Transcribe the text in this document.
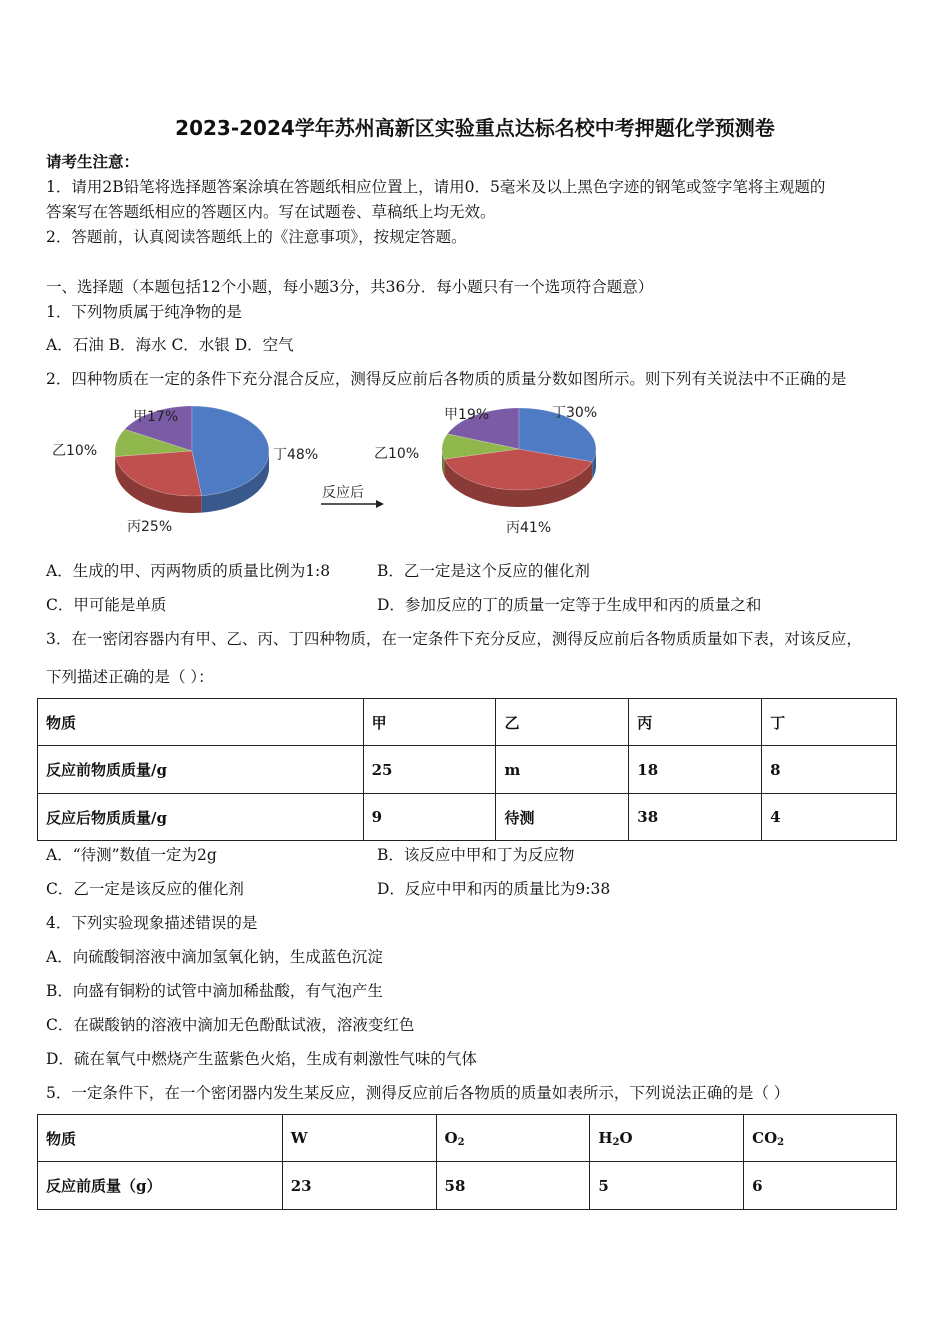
2023-2024学年苏州高新区实验重点达标名校中考押题化学预测卷
请考生注意：
1．请用2B铅笔将选择题答案涂填在答题纸相应位置上，请用0．5毫米及以上黑色字迹的钢笔或签字笔将主观题的
答案写在答题纸相应的答题区内。写在试题卷、草稿纸上均无效。
2．答题前，认真阅读答题纸上的《注意事项》，按规定答题。
一、选择题（本题包括12个小题，每小题3分，共36分．每小题只有一个选项符合题意）
1．下列物质属于纯净物的是
A．石油 B．海水 C．水银 D．空气
2．四种物质在一定的条件下充分混合反应，测得反应前后各物质的质量分数如图所示。则下列有关说法中不正确的是
甲17%
乙10%
丙25%
丁48%
反应后
甲19%
乙10%
丙41%
丁30%
A．生成的甲、丙两物质的质量比例为1:8	B．乙一定是这个反应的催化剂
C．甲可能是单质	D．参加反应的丁的质量一定等于生成甲和丙的质量之和
3．在一密闭容器内有甲、乙、丙、丁四种物质，在一定条件下充分反应，测得反应前后各物质质量如下表，对该反应，
下列描述正确的是（ ）：
物质	甲	乙	丙	丁
反应前物质质量/g	25	m	18	8
反应后物质质量/g	9	待测	38	4
A．“待测”数值一定为2g	B．该反应中甲和丁为反应物
C．乙一定是该反应的催化剂	D．反应中甲和丙的质量比为9:38
4．下列实验现象描述错误的是
A．向硫酸铜溶液中滴加氢氧化钠，生成蓝色沉淀
B．向盛有铜粉的试管中滴加稀盐酸，有气泡产生
C．在碳酸钠的溶液中滴加无色酚酞试液，溶液变红色
D．硫在氧气中燃烧产生蓝紫色火焰，生成有刺激性气味的气体
5．一定条件下，在一个密闭器内发生某反应，测得反应前后各物质的质量如表所示，下列说法正确的是（ ）
物质	W	$O_2$	$H_2O$	$CO_2$
反应前质量（g）	23	58	5	6
